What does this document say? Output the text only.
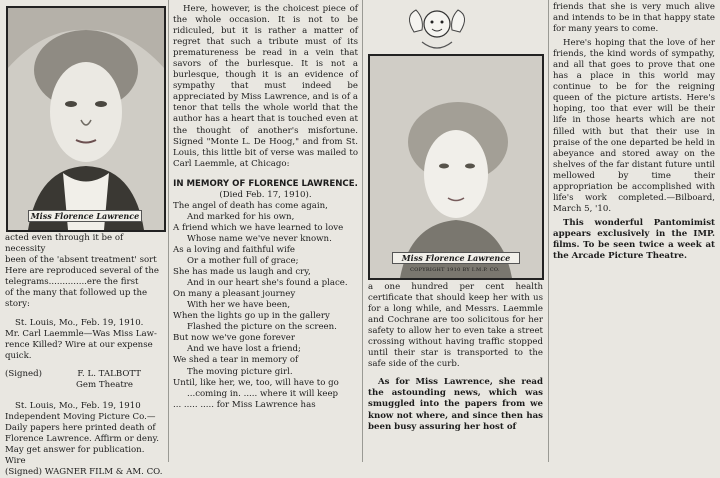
Miss Florence Lawrence

acted even through it be of necessity

been of the 'absent treatment' sort

Here are reproduced several of the

telegrams..............ere the first

of the many that followed up the

story:

St. Louis, Mo., Feb. 19, 1910.

Mr. Carl Laemmle—Was Miss Law-

rence Killed? Wire at our expense

quick.

(Signed)	F. L. TALBOTT

Gem Theatre

St. Louis, Mo., Feb. 19, 1910

Independent Moving Picture Co.—

Daily papers here printed death of

Florence Lawrence. Affirm or deny.

May get answer for publication.

Wire

(Signed) WAGNER FILM & AM. CO.

Here, however, is the choicest piece of the whole occasion. It is not to be ridiculed, but it is rather a matter of regret that such a tribute must of its prematureness be read in a vein that savors of the burlesque. It is not a burlesque, though it is an evidence of sympathy that must indeed be appreciated by Miss Lawrence, and is of a tenor that tells the whole world that the author has a heart that is touched even at the thought of another's misfortune. Signed "Monte L. De Hoog," and from St. Louis, this little bit of verse was mailed to Carl Laemmle, at Chicago:

IN MEMORY OF FLORENCE LAWRENCE.

(Died Feb. 17, 1910).

The angel of death has come again,

And marked for his own,

A friend which we have learned to love

Whose name we've never known.

As a loving and faithful wife

Or a mother full of grace;

She has made us laugh and cry,

And in our heart she's found a place.

On many a pleasant journey

With her we have been,

When the lights go up in the gallery

Flashed the picture on the screen.

But now we've gone forever

And we have lost a friend;

We shed a tear in memory of

The moving picture girl.

Until, like her, we, too, will have to go

...coming in. ..... where it will keep

... ..... ..... for Miss Lawrence has

Miss Florence Lawrence
COPYRIGHT 1910 BY I.M.P. CO.

a one hundred per cent health certificate that should keep her with us for a long while, and Messrs. Laemmle and Cochrane are too solicitous for her safety to allow her to even take a street crossing without having traffic stopped until their star is transported to the safe side of the curb.

As for Miss Lawrence, she read the astounding news, which was smuggled into the papers from we know not where, and since then has been busy assuring her host of

friends that she is very much alive and intends to be in that happy state for many years to come.

Here's hoping that the love of her friends, the kind words of sympathy, and all that goes to prove that one has a place in this world may continue to be for the reigning queen of the picture artists. Here's hoping, too that ever will be their life in those hearts which are not filled with but that their use in praise of the one departed be held in abeyance and stored away on the shelves of the far distant future until mellowed by time their appropriation be accomplished with life's work completed.—Bilboard, March 5, '10.

This wonderful Pantomimist appears exclusively in the IMP. films. To be seen twice a week at the Arcade Picture Theatre.
